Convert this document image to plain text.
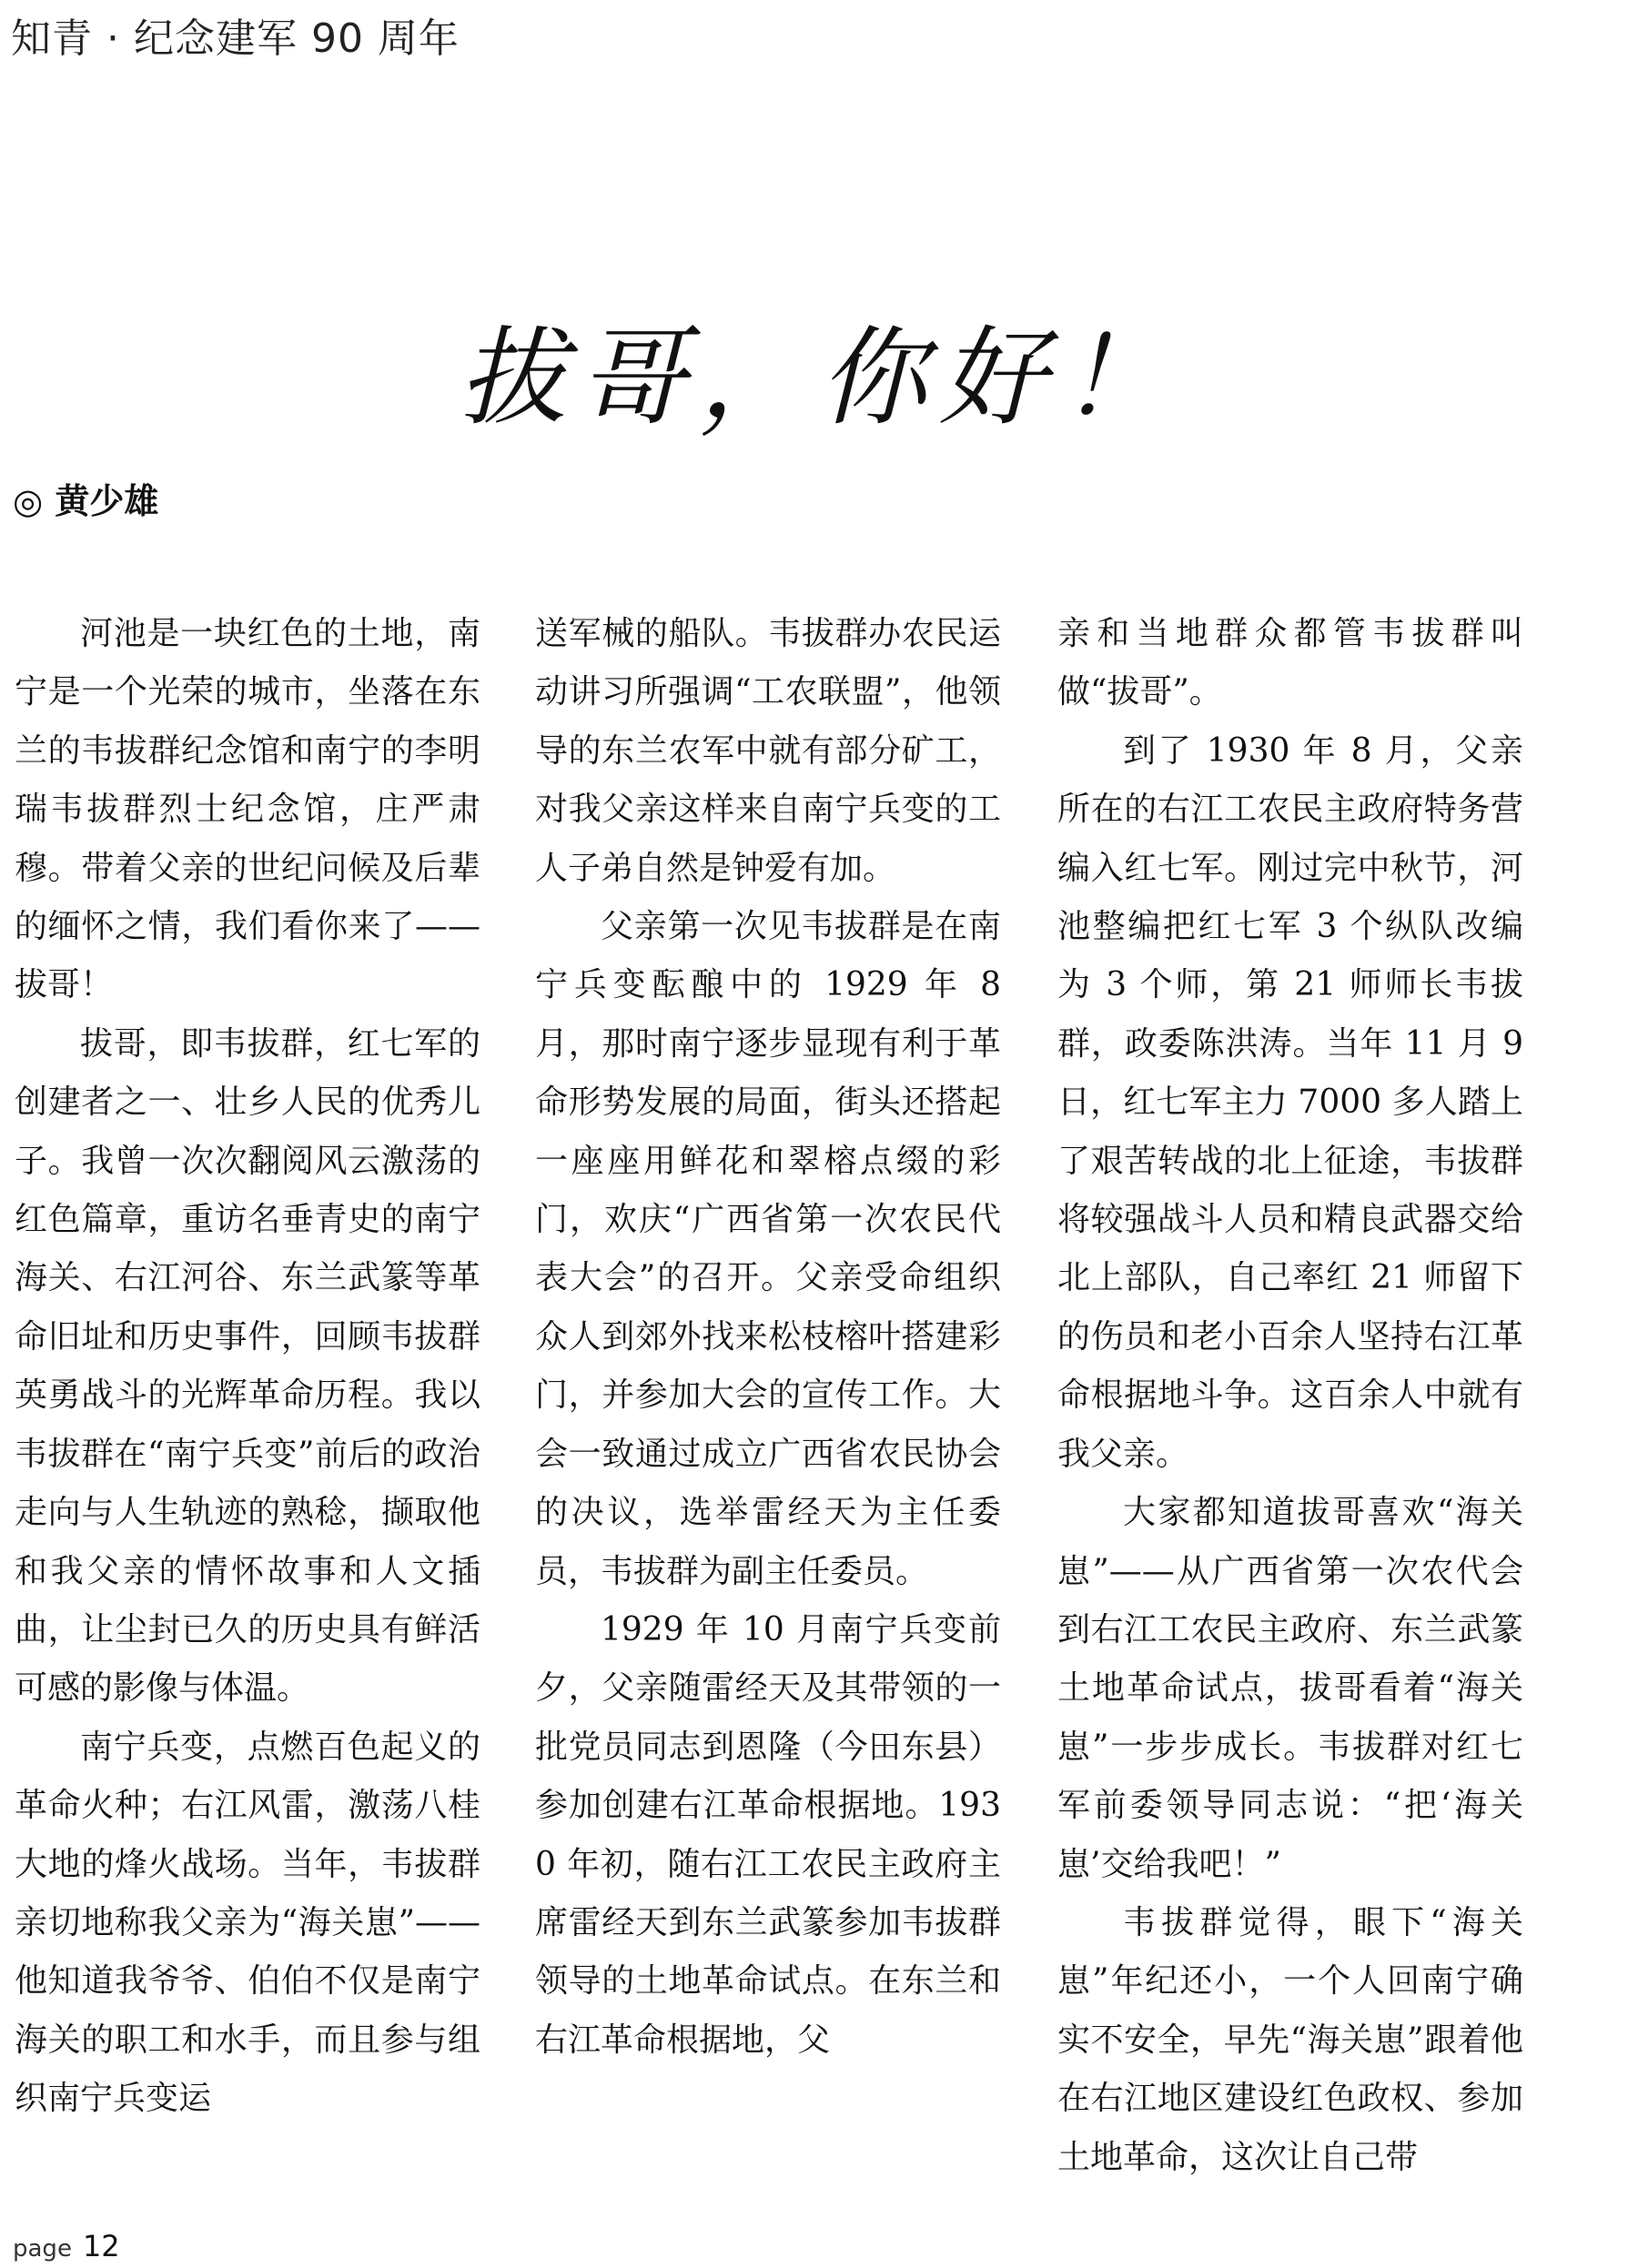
知青 · 纪念建军 90 周年
拔哥，你好！
◎ 黄少雄

河池是一块红色的土地，南宁是一个光荣的城市，坐落在东兰的韦拔群纪念馆和南宁的李明瑞韦拔群烈士纪念馆，庄严肃穆。带着父亲的世纪问候及后辈的缅怀之情，我们看你来了——拔哥！

拔哥，即韦拔群，红七军的创建者之一、壮乡人民的优秀儿子。我曾一次次翻阅风云激荡的红色篇章，重访名垂青史的南宁海关、右江河谷、东兰武篆等革命旧址和历史事件，回顾韦拔群英勇战斗的光辉革命历程。我以韦拔群在“南宁兵变”前后的政治走向与人生轨迹的熟稔，撷取他和我父亲的情怀故事和人文插曲，让尘封已久的历史具有鲜活可感的影像与体温。

南宁兵变，点燃百色起义的革命火种；右江风雷，激荡八桂大地的烽火战场。当年，韦拔群亲切地称我父亲为“海关崽”——他知道我爷爷、伯伯不仅是南宁海关的职工和水手，而且参与组织南宁兵变运

送军械的船队。韦拔群办农民运动讲习所强调“工农联盟”，他领导的东兰农军中就有部分矿工，对我父亲这样来自南宁兵变的工人子弟自然是钟爱有加。

父亲第一次见韦拔群是在南宁兵变酝酿中的 1929 年 8 月，那时南宁逐步显现有利于革命形势发展的局面，街头还搭起一座座用鲜花和翠榕点缀的彩门，欢庆“广西省第一次农民代表大会”的召开。父亲受命组织众人到郊外找来松枝榕叶搭建彩门，并参加大会的宣传工作。大会一致通过成立广西省农民协会的决议，选举雷经天为主任委员，韦拔群为副主任委员。

1929 年 10 月南宁兵变前夕，父亲随雷经天及其带领的一批党员同志到恩隆（今田东县）参加创建右江革命根据地。1930 年初，随右江工农民主政府主席雷经天到东兰武篆参加韦拔群领导的土地革命试点。在东兰和右江革命根据地，父

亲和当地群众都管韦拔群叫做“拔哥”。

到了 1930 年 8 月，父亲所在的右江工农民主政府特务营编入红七军。刚过完中秋节，河池整编把红七军 3 个纵队改编为 3 个师，第 21 师师长韦拔群，政委陈洪涛。当年 11 月 9 日，红七军主力 7000 多人踏上了艰苦转战的北上征途，韦拔群将较强战斗人员和精良武器交给北上部队，自己率红 21 师留下的伤员和老小百余人坚持右江革命根据地斗争。这百余人中就有我父亲。

大家都知道拔哥喜欢“海关崽”——从广西省第一次农代会到右江工农民主政府、东兰武篆土地革命试点，拔哥看着“海关崽”一步步成长。韦拔群对红七军前委领导同志说：“把‘海关崽’交给我吧！”

韦拔群觉得，眼下“海关崽”年纪还小，一个人回南宁确实不安全，早先“海关崽”跟着他在右江地区建设红色政权、参加土地革命，这次让自己带

page 12
